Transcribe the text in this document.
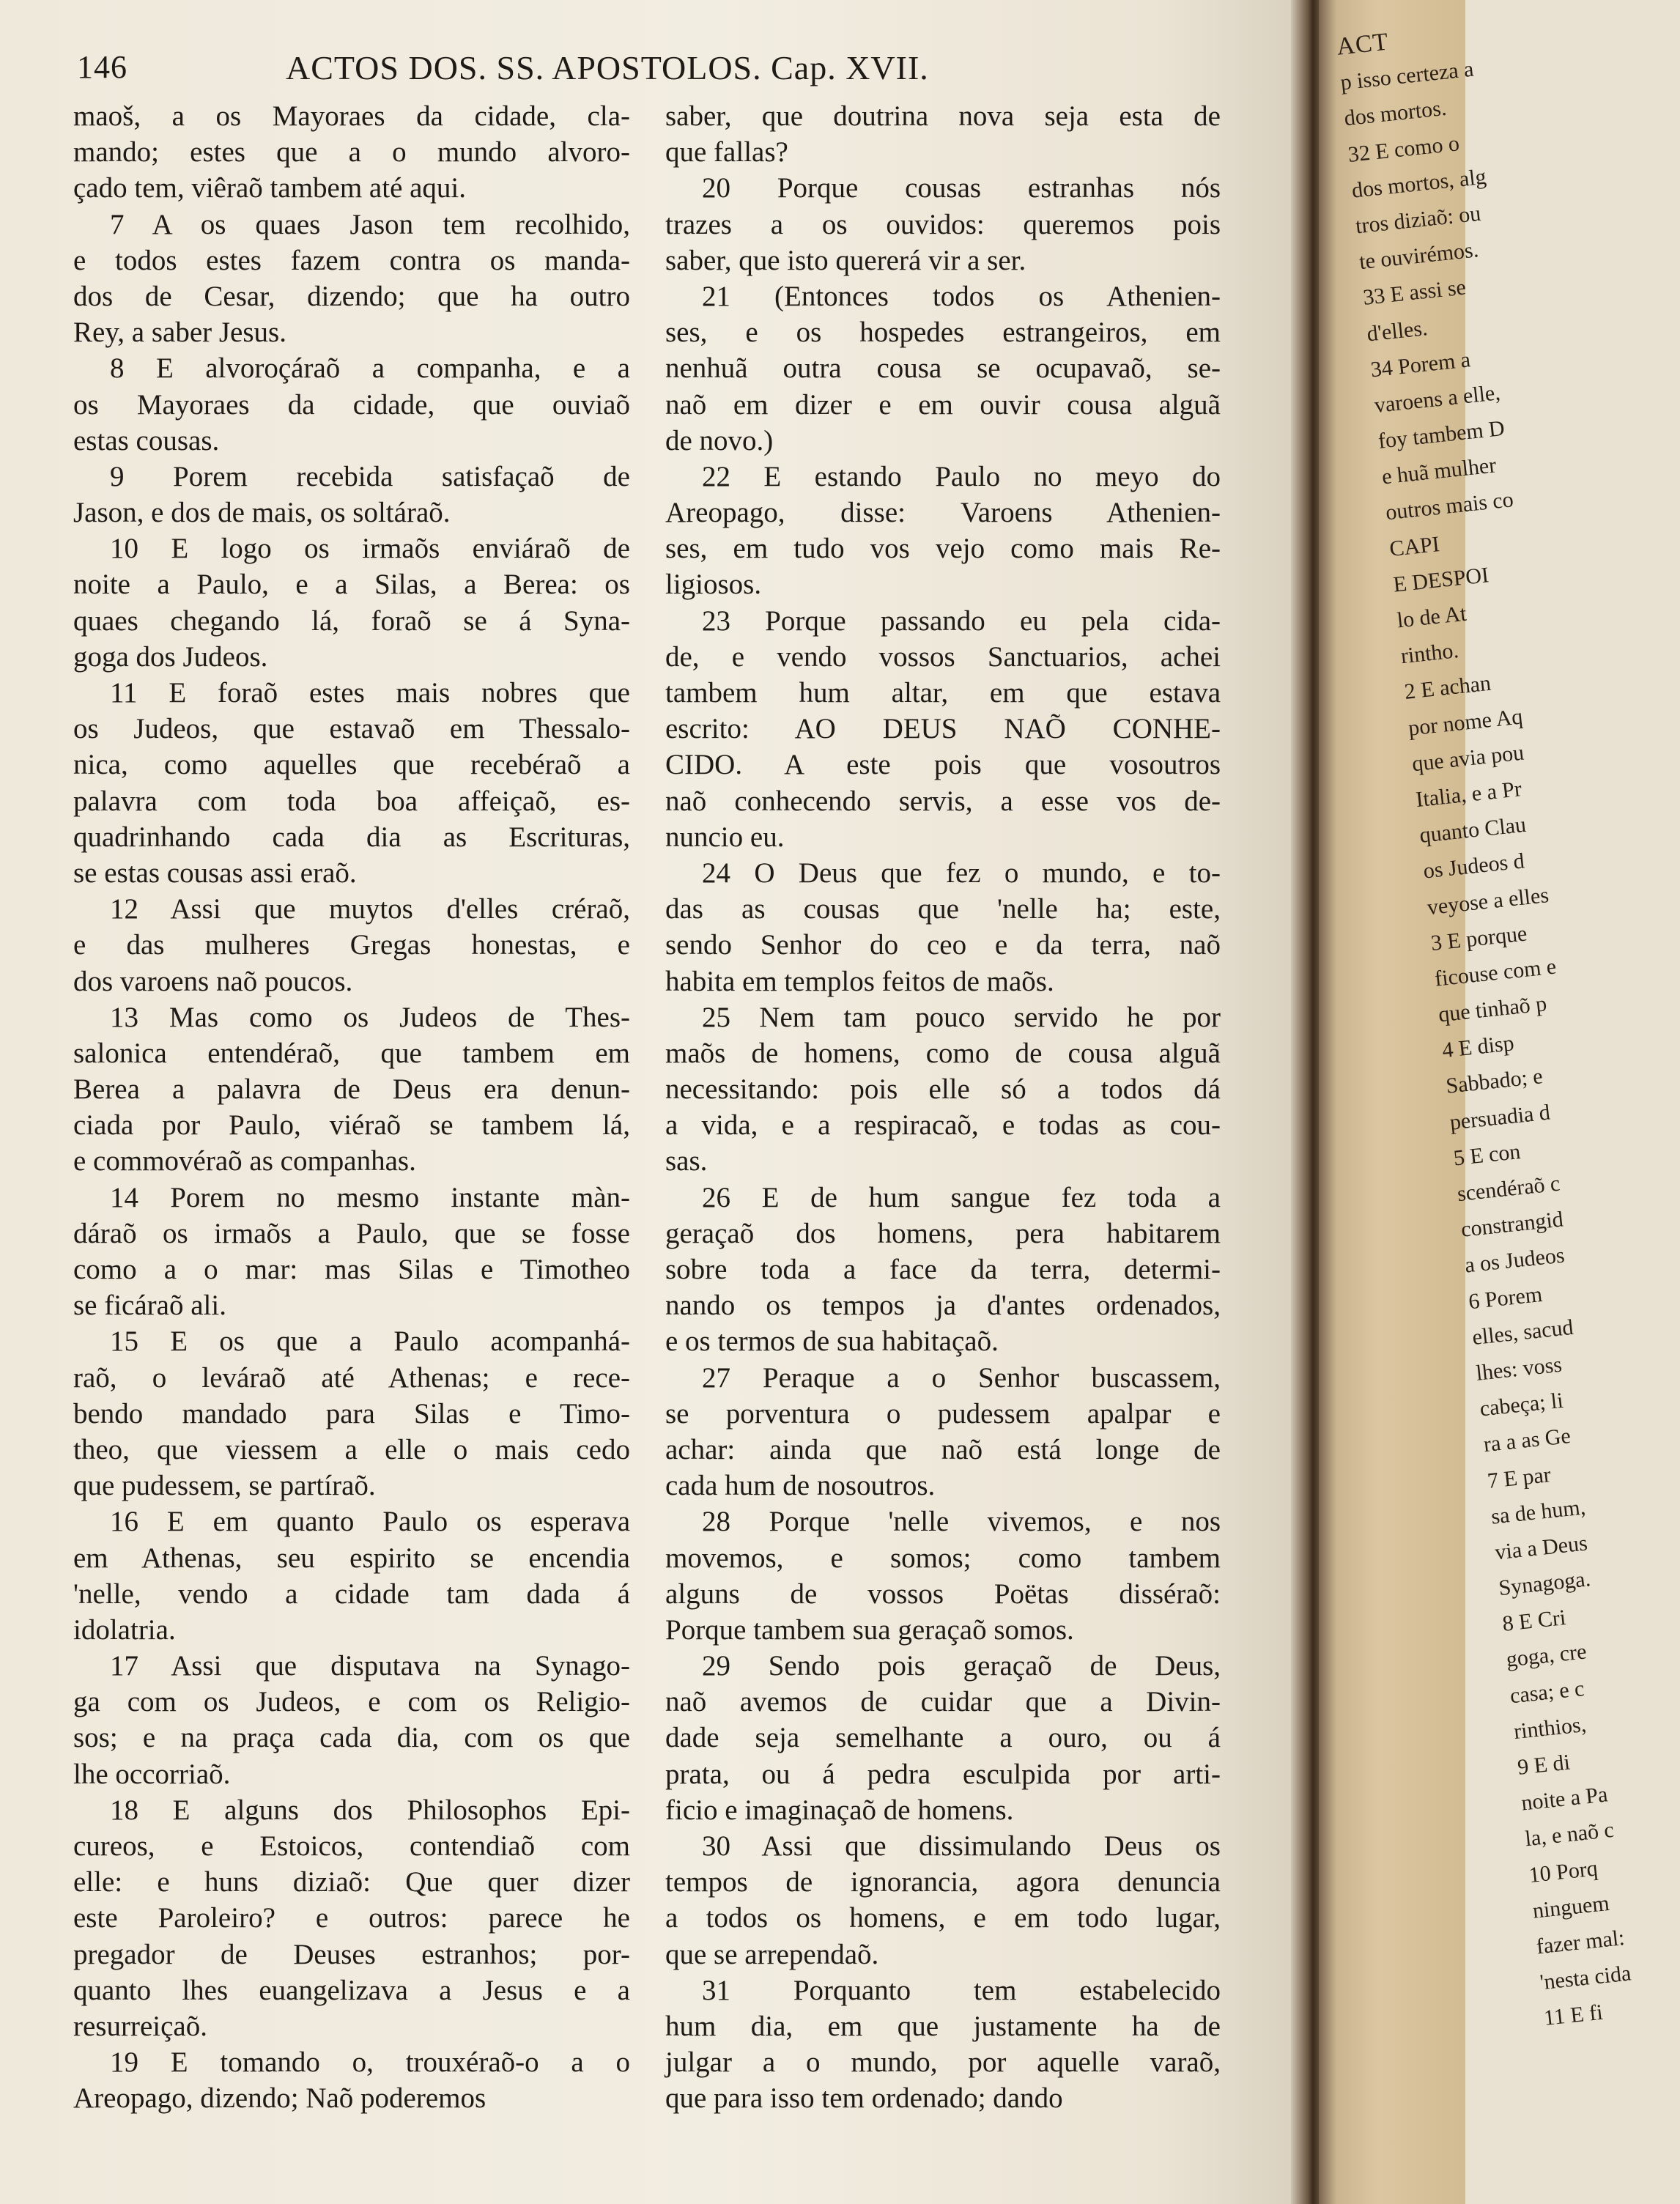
146	ACTOS DOS. SS. APOSTOLOS. Cap. XVII.
maoš, a os Mayoraes da cidade, cla-
mando; estes que a o mundo alvoro-
çado tem, viêraõ tambem até aqui.
7 A os quaes Jason tem recolhido,
e todos estes fazem contra os manda-
dos de Cesar, dizendo; que ha outro
Rey, a saber Jesus.
8 E alvoroçáraõ a companha, e a
os Mayoraes da cidade, que ouviaõ
estas cousas.
9 Porem recebida satisfaçaõ de
Jason, e dos de mais, os soltáraõ.
10 E logo os irmaõs enviáraõ de
noite a Paulo, e a Silas, a Berea: os
quaes chegando lá, foraõ se á Syna-
goga dos Judeos.
11 E foraõ estes mais nobres que
os Judeos, que estavaõ em Thessalo-
nica, como aquelles que recebéraõ a
palavra com toda boa affeiçaõ, es-
quadrinhando cada dia as Escrituras,
se estas cousas assi eraõ.
12 Assi que muytos d'elles créraõ,
e das mulheres Gregas honestas, e
dos varoens naõ poucos.
13 Mas como os Judeos de Thes-
salonica entendéraõ, que tambem em
Berea a palavra de Deus era denun-
ciada por Paulo, viéraõ se tambem lá,
e commovéraõ as companhas.
14 Porem no mesmo instante màn-
dáraõ os irmaõs a Paulo, que se fosse
como a o mar: mas Silas e Timotheo
se ficáraõ ali.
15 E os que a Paulo acompanhá-
raõ, o leváraõ até Athenas; e rece-
bendo mandado para Silas e Timo-
theo, que viessem a elle o mais cedo
que pudessem, se partíraõ.
16 E em quanto Paulo os esperava
em Athenas, seu espirito se encendia
'nelle, vendo a cidade tam dada á
idolatria.
17 Assi que disputava na Synago-
ga com os Judeos, e com os Religio-
sos; e na praça cada dia, com os que
lhe occorriaõ.
18 E alguns dos Philosophos Epi-
cureos, e Estoicos, contendiaõ com
elle: e huns diziaõ: Que quer dizer
este Paroleiro? e outros: parece he
pregador de Deuses estranhos; por-
quanto lhes euangelizava a Jesus e a
resurreiçaõ.
19 E tomando o, trouxéraõ-o a o
Areopago, dizendo; Naõ poderemos
saber, que doutrina nova seja esta de
que fallas?
20 Porque cousas estranhas nós
trazes a os ouvidos: queremos pois
saber, que isto quererá vir a ser.
21 (Entonces todos os Athenien-
ses, e os hospedes estrangeiros, em
nenhuã outra cousa se ocupavaõ, se-
naõ em dizer e em ouvir cousa alguã
de novo.)
22 E estando Paulo no meyo do
Areopago, disse: Varoens Athenien-
ses, em tudo vos vejo como mais Re-
ligiosos.
23 Porque passando eu pela cida-
de, e vendo vossos Sanctuarios, achei
tambem hum altar, em que estava
escrito: AO DEUS NAÕ CONHE-
CIDO. A este pois que vosoutros
naõ conhecendo servis, a esse vos de-
nuncio eu.
24 O Deus que fez o mundo, e to-
das as cousas que 'nelle ha; este,
sendo Senhor do ceo e da terra, naõ
habita em templos feitos de maõs.
25 Nem tam pouco servido he por
maõs de homens, como de cousa alguã
necessitando: pois elle só a todos dá
a vida, e a respiracaõ, e todas as cou-
sas.
26 E de hum sangue fez toda a
geraçaõ dos homens, pera habitarem
sobre toda a face da terra, determi-
nando os tempos ja d'antes ordenados,
e os termos de sua habitaçaõ.
27 Peraque a o Senhor buscassem,
se porventura o pudessem apalpar e
achar: ainda que naõ está longe de
cada hum de nosoutros.
28 Porque 'nelle vivemos, e nos
movemos, e somos; como tambem
alguns de vossos Poëtas disséraõ:
Porque tambem sua geraçaõ somos.
29 Sendo pois geraçaõ de Deus,
naõ avemos de cuidar que a Divin-
dade seja semelhante a ouro, ou á
prata, ou á pedra esculpida por arti-
ficio e imaginaçaõ de homens.
30 Assi que dissimulando Deus os
tempos de ignorancia, agora denuncia
a todos os homens, e em todo lugar,
que se arrependaõ.
31 Porquanto tem estabelecido
hum dia, em que justamente ha de
julgar a o mundo, por aquelle varaõ,
que para isso tem ordenado; dando
ACT
p isso certeza a
dos mortos.
32 E como o
dos mortos, alg
tros diziaõ: ou
te ouvirémos.
33 E assi se
d'elles.
34 Porem a
varoens a elle,
foy tambem D
e huã mulher
outros mais co
CAPI
E DESPOI
lo de At
rintho.
2 E achan
por nome Aq
que avia pou
Italia, e a Pr
quanto Clau
os Judeos d
veyose a elles
3 E porque
ficouse com e
que tinhaõ p
4 E disp
Sabbado; e
persuadia d
5 E con
scendéraõ c
constrangid
a os Judeos
6 Porem
elles, sacud
lhes: voss
cabeça; li
ra a as Ge
7 E par
sa de hum,
via a Deus
Synagoga.
8 E Cri
goga, cre
casa; e c
rinthios,
9 E di
noite a Pa
la, e naõ c
10 Porq
ninguem
fazer mal:
'nesta cida
11 E fi
